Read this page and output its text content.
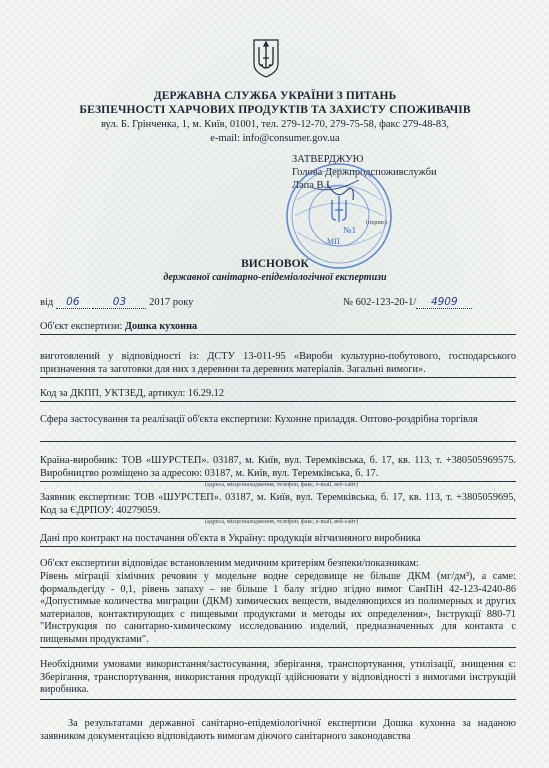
ДЕРЖАВНА СЛУЖБА УКРАЇНИ З ПИТАНЬ
БЕЗПЕЧНОСТІ ХАРЧОВИХ ПРОДУКТІВ ТА ЗАХИСТУ СПОЖИВАЧІВ
вул. Б. Грінченка, 1, м. Київ, 01001, тел. 279-12-70, 279-75-58, факс 279-48-83,
e-mail: info@consumer.gov.ua
ЗАТВЕРДЖУЮ
Голова Держпродспоживслужби
Лапа В.І.
(підпис)
МП
№1
ВИСНОВОК
державної санітарно-епідеміологічної експертизи
від 06	03 2017 року	№ 602-123-20-1/ 4909
Об'єкт експертизи: Дошка кухонна
виготовлений у відповідності із: ДСТУ 13-011-95 «Вироби культурно-побутового, господарського призначення та заготовки для них з деревини та деревних матеріалів. Загальні вимоги».
Код за ДКПП, УКТЗЕД, артикул: 16.29.12
Сфера застосування та реалізації об'єкта експертизи: Кухонне приладдя. Оптово-роздрібна торгівля
Країна-виробник: ТОВ «ШУРСТЕП». 03187, м. Київ, вул. Теремківська, б. 17, кв. 113, т. +380505969575. Виробництво розміщено за адресою: 03187, м. Київ, вул. Теремківська, б. 17.
(адреса, місцезнаходження, телефон, факс, e-mail, веб-сайт)
Заявник експертизи: ТОВ «ШУРСТЕП». 03187, м. Київ, вул. Теремківська, б. 17, кв. 113, т. +3805059695, Код за ЄДРПОУ: 40279059.
(адреса, місцезнаходження, телефон, факс, e-mail, веб-сайт)
Дані про контракт на постачання об'єкта в Україну: продукція вітчизняного виробника
Об'єкт експертизи відповідає встановленим медичним критеріям безпеки/показникам:
Рівень міграції хімічних речовин у модельне водне середовище не більше ДКМ (мг/дм³), а саме: формальдегіду - 0,1, рівень запаху – не більше 1 балу згідно згідно вимог СанПіН 42-123-4240-86 «Допустимые количества миграции (ДКМ) химических веществ, выделяющихся из полимерных и других материалов, контактирующих с пищевыми продуктами и методы их определения», Інструкції 880-71 "Инструкция по санитарно-химическому исследованию изделий, предназначенных для контакта с пищевыми продуктами".
Необхідними умовами використання/застосування, зберігання, транспортування, утилізації, знищення є: Зберігання, транспортування, використання продукції здійснювати у відповідності з вимогами інструкцій виробника.
За результатами державної санітарно-епідеміологічної експертизи Дошка кухонна за наданою заявником документацією відповідають вимогам діючого санітарного законодавства
